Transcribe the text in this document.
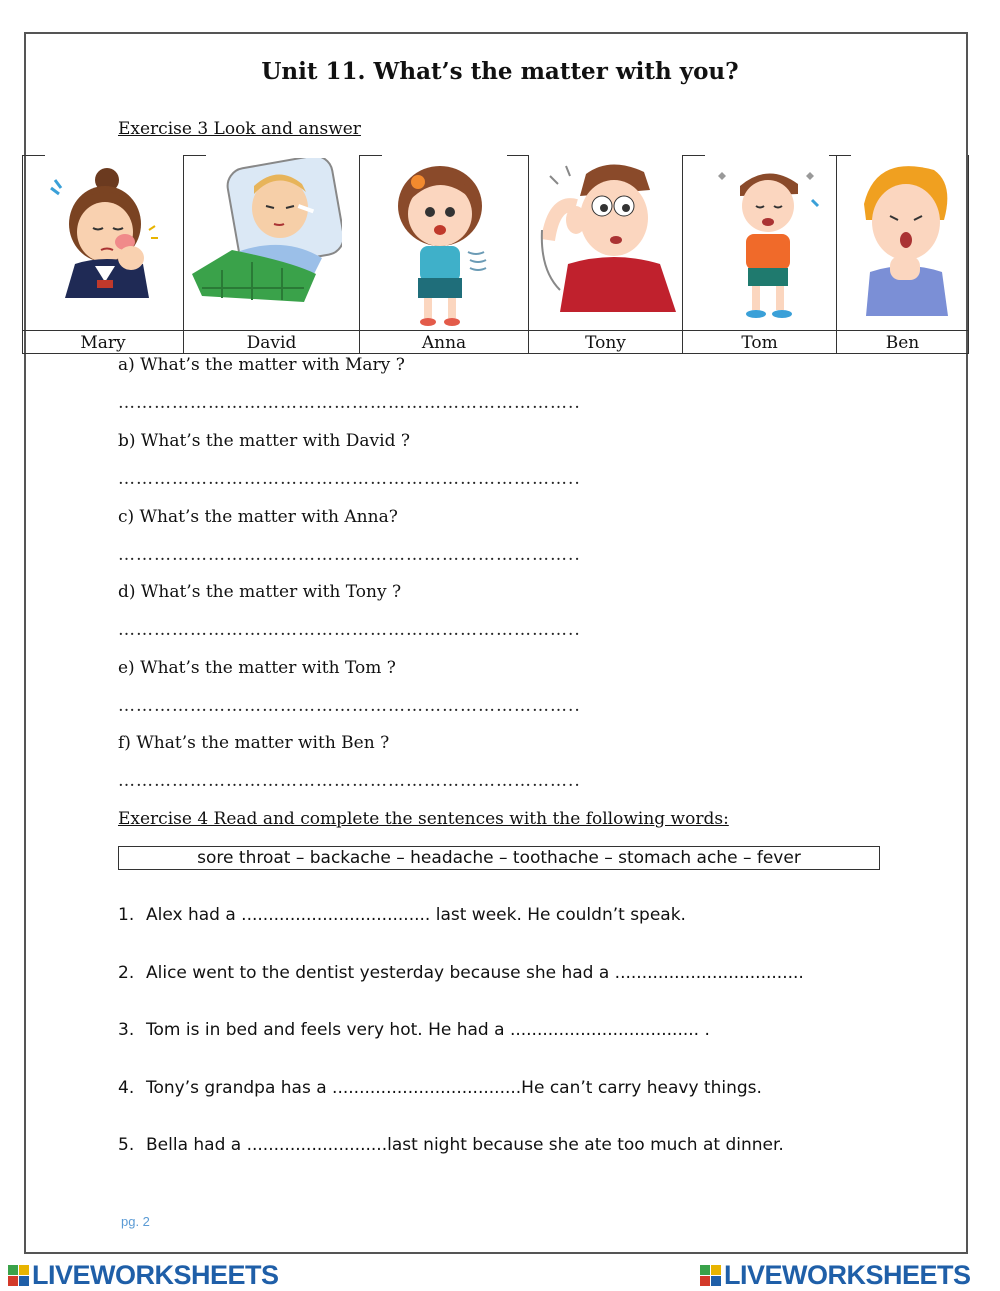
Unit 11. What’s the matter with you?
Exercise 3 Look and answer
Mary	David	Anna	Tony	Tom	Ben
a) What’s the matter with Mary ?
…………………………………………………………………..
b) What’s the matter with David ?
…………………………………………………………………..
c) What’s the matter with Anna?
…………………………………………………………………..
d) What’s the matter with Tony ?
…………………………………………………………………..
e) What’s the matter with Tom ?
…………………………………………………………………..
f) What’s the matter with Ben ?
…………………………………………………………………..
Exercise 4 Read and complete the sentences with the following words:
sore throat – backache – headache – toothache – stomach ache – fever
1. Alex had a ................................... last week. He couldn’t speak.
2. Alice went to the dentist yesterday because she had a ...................................
3. Tom is in bed and feels very hot. He had a ................................... .
4. Tony’s grandpa has a ...................................He can’t carry heavy things.
5. Bella had a ..........................last night because she ate too much at dinner.
pg. 2
LIVEWORKSHEETS	LIVEWORKSHEETS
